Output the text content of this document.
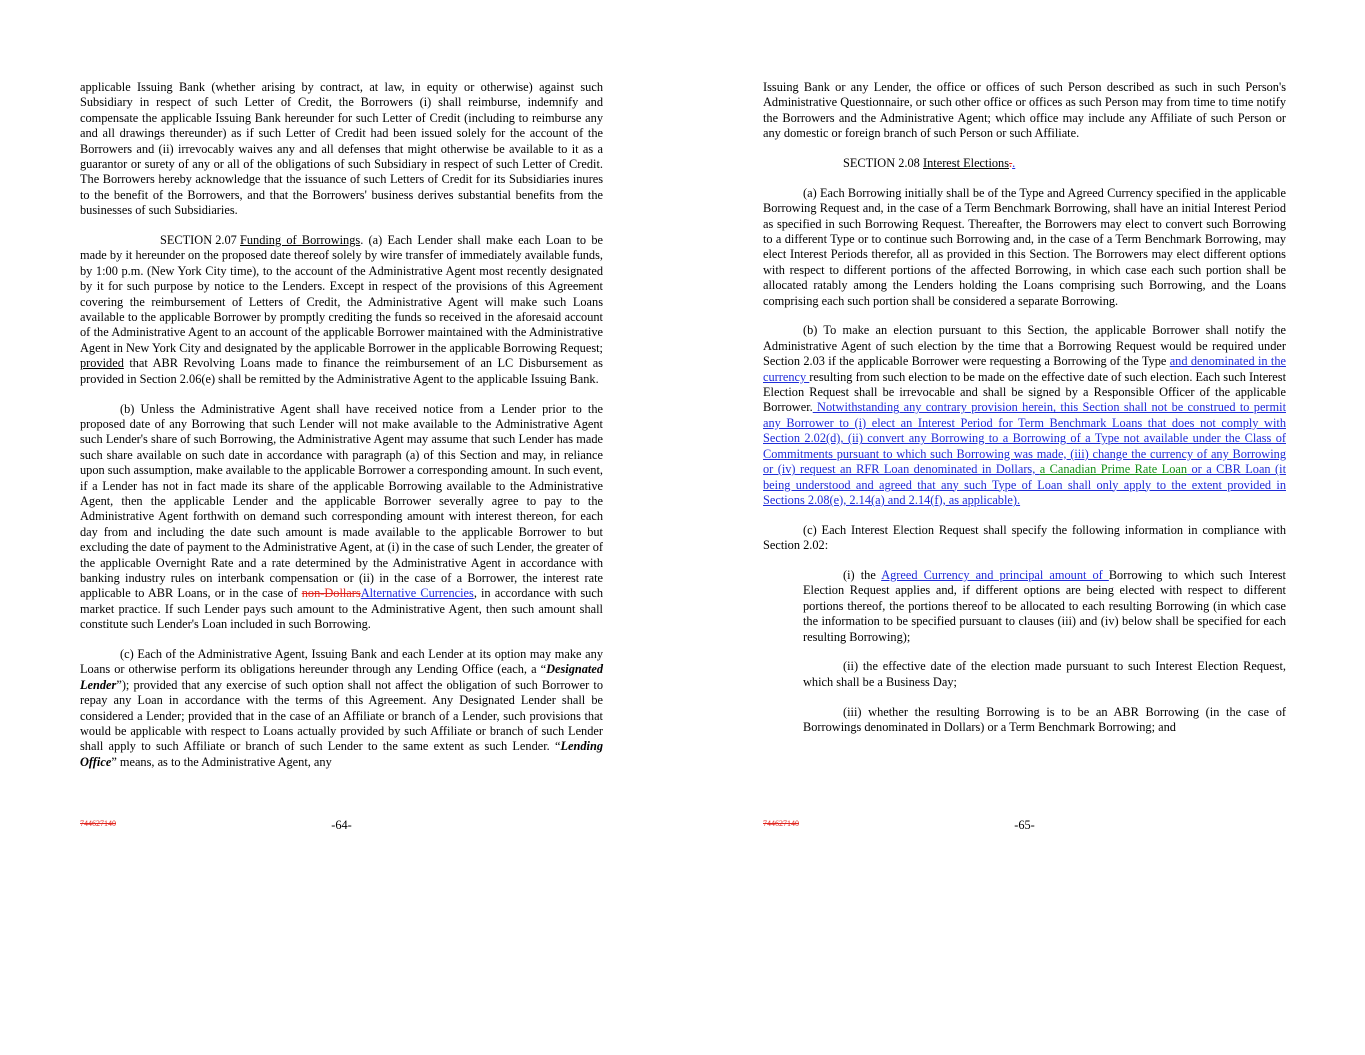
applicable Issuing Bank (whether arising by contract, at law, in equity or otherwise) against such Subsidiary in respect of such Letter of Credit, the Borrowers (i) shall reimburse, indemnify and compensate the applicable Issuing Bank hereunder for such Letter of Credit (including to reimburse any and all drawings thereunder) as if such Letter of Credit had been issued solely for the account of the Borrowers and (ii) irrevocably waives any and all defenses that might otherwise be available to it as a guarantor or surety of any or all of the obligations of such Subsidiary in respect of such Letter of Credit. The Borrowers hereby acknowledge that the issuance of such Letters of Credit for its Subsidiaries inures to the benefit of the Borrowers, and that the Borrowers' business derives substantial benefits from the businesses of such Subsidiaries.

SECTION 2.07 Funding of Borrowings. (a) Each Lender shall make each Loan to be made by it hereunder on the proposed date thereof solely by wire transfer of immediately available funds, by 1:00 p.m. (New York City time), to the account of the Administrative Agent most recently designated by it for such purpose by notice to the Lenders. Except in respect of the provisions of this Agreement covering the reimbursement of Letters of Credit, the Administrative Agent will make such Loans available to the applicable Borrower by promptly crediting the funds so received in the aforesaid account of the Administrative Agent to an account of the applicable Borrower maintained with the Administrative Agent in New York City and designated by the applicable Borrower in the applicable Borrowing Request; provided that ABR Revolving Loans made to finance the reimbursement of an LC Disbursement as provided in Section 2.06(e) shall be remitted by the Administrative Agent to the applicable Issuing Bank.

(b) Unless the Administrative Agent shall have received notice from a Lender prior to the proposed date of any Borrowing that such Lender will not make available to the Administrative Agent such Lender's share of such Borrowing, the Administrative Agent may assume that such Lender has made such share available on such date in accordance with paragraph (a) of this Section and may, in reliance upon such assumption, make available to the applicable Borrower a corresponding amount. In such event, if a Lender has not in fact made its share of the applicable Borrowing available to the Administrative Agent, then the applicable Lender and the applicable Borrower severally agree to pay to the Administrative Agent forthwith on demand such corresponding amount with interest thereon, for each day from and including the date such amount is made available to the applicable Borrower to but excluding the date of payment to the Administrative Agent, at (i) in the case of such Lender, the greater of the applicable Overnight Rate and a rate determined by the Administrative Agent in accordance with banking industry rules on interbank compensation or (ii) in the case of a Borrower, the interest rate applicable to ABR Loans, or in the case of non-DollarsAlternative Currencies, in accordance with such market practice. If such Lender pays such amount to the Administrative Agent, then such amount shall constitute such Lender's Loan included in such Borrowing.

(c) Each of the Administrative Agent, Issuing Bank and each Lender at its option may make any Loans or otherwise perform its obligations hereunder through any Lending Office (each, a “Designated Lender”); provided that any exercise of such option shall not affect the obligation of such Borrower to repay any Loan in accordance with the terms of this Agreement. Any Designated Lender shall be considered a Lender; provided that in the case of an Affiliate or branch of a Lender, such provisions that would be applicable with respect to Loans actually provided by such Affiliate or branch of such Lender shall apply to such Affiliate or branch of such Lender to the same extent as such Lender. “Lending Office” means, as to the Administrative Agent, any

744627140	-64-

Issuing Bank or any Lender, the office or offices of such Person described as such in such Person's Administrative Questionnaire, or such other office or offices as such Person may from time to time notify the Borrowers and the Administrative Agent; which office may include any Affiliate of such Person or any domestic or foreign branch of such Person or such Affiliate.

SECTION 2.08 Interest Elections..

(a) Each Borrowing initially shall be of the Type and Agreed Currency specified in the applicable Borrowing Request and, in the case of a Term Benchmark Borrowing, shall have an initial Interest Period as specified in such Borrowing Request. Thereafter, the Borrowers may elect to convert such Borrowing to a different Type or to continue such Borrowing and, in the case of a Term Benchmark Borrowing, may elect Interest Periods therefor, all as provided in this Section. The Borrowers may elect different options with respect to different portions of the affected Borrowing, in which case each such portion shall be allocated ratably among the Lenders holding the Loans comprising such Borrowing, and the Loans comprising each such portion shall be considered a separate Borrowing.

(b) To make an election pursuant to this Section, the applicable Borrower shall notify the Administrative Agent of such election by the time that a Borrowing Request would be required under Section 2.03 if the applicable Borrower were requesting a Borrowing of the Type and denominated in the currency resulting from such election to be made on the effective date of such election. Each such Interest Election Request shall be irrevocable and shall be signed by a Responsible Officer of the applicable Borrower. Notwithstanding any contrary provision herein, this Section shall not be construed to permit any Borrower to (i) elect an Interest Period for Term Benchmark Loans that does not comply with Section 2.02(d), (ii) convert any Borrowing to a Borrowing of a Type not available under the Class of Commitments pursuant to which such Borrowing was made, (iii) change the currency of any Borrowing or (iv) request an RFR Loan denominated in Dollars, a Canadian Prime Rate Loan or a CBR Loan (it being understood and agreed that any such Type of Loan shall only apply to the extent provided in Sections 2.08(e), 2.14(a) and 2.14(f), as applicable).

(c) Each Interest Election Request shall specify the following information in compliance with Section 2.02:

(i) the Agreed Currency and principal amount of Borrowing to which such Interest Election Request applies and, if different options are being elected with respect to different portions thereof, the portions thereof to be allocated to each resulting Borrowing (in which case the information to be specified pursuant to clauses (iii) and (iv) below shall be specified for each resulting Borrowing);

(ii) the effective date of the election made pursuant to such Interest Election Request, which shall be a Business Day;

(iii) whether the resulting Borrowing is to be an ABR Borrowing (in the case of Borrowings denominated in Dollars) or a Term Benchmark Borrowing; and

744627140	-65-
